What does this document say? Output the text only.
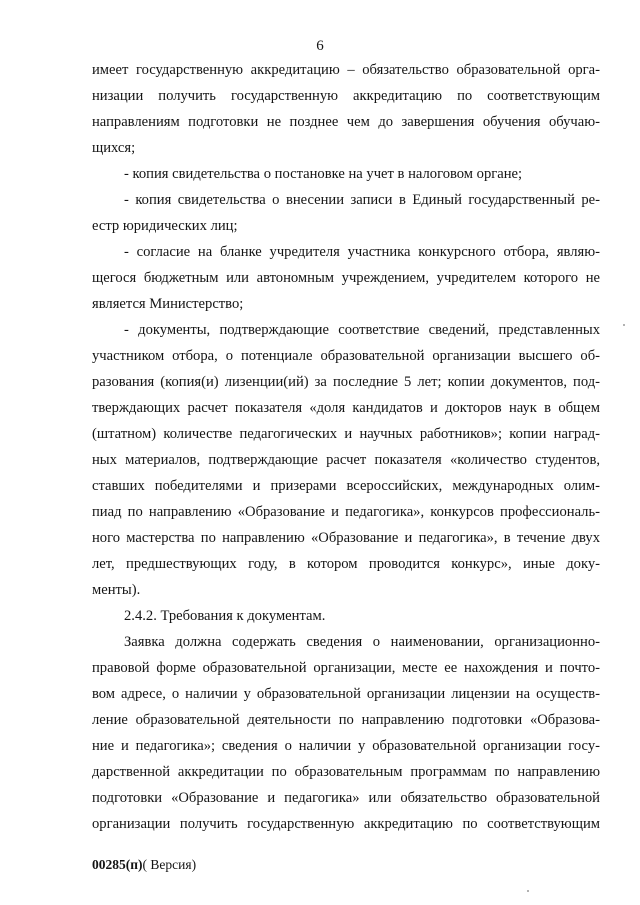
6
имеет государственную аккредитацию – обязательство образовательной орга-
низации получить государственную аккредитацию по соответствующим
направлениям подготовки не позднее чем до завершения обучения обучаю-
щихся;
- копия свидетельства о постановке на учет в налоговом органе;
- копия свидетельства о внесении записи в Единый государственный ре-
естр юридических лиц;
- согласие на бланке учредителя участника конкурсного отбора, являю-
щегося бюджетным или автономным учреждением, учредителем которого не
является Министерство;
- документы, подтверждающие соответствие сведений, представленных
участником отбора, о потенциале образовательной организации высшего об-
разования (копия(и) лизенции(ий) за последние 5 лет; копии документов, под-
тверждающих расчет показателя «доля кандидатов и докторов наук в общем
(штатном) количестве педагогических и научных работников»; копии наград-
ных материалов, подтверждающие расчет показателя «количество студентов,
ставших победителями и призерами всероссийских, международных олим-
пиад по направлению «Образование и педагогика», конкурсов профессиональ-
ного мастерства по направлению «Образование и педагогика», в течение двух
лет, предшествующих году, в котором проводится конкурс», иные доку-
менты).
2.4.2. Требования к документам.
Заявка должна содержать сведения о наименовании, организационно-
правовой форме образовательной организации, месте ее нахождения и почто-
вом адресе, о наличии у образовательной организации лицензии на осуществ-
ление образовательной деятельности по направлению подготовки «Образова-
ние и педагогика»; сведения о наличии у образовательной организации госу-
дарственной аккредитации по образовательным программам по направлению
подготовки «Образование и педагогика» или обязательство образовательной
организации получить государственную аккредитацию по соответствующим
00285(п)( Версия)
